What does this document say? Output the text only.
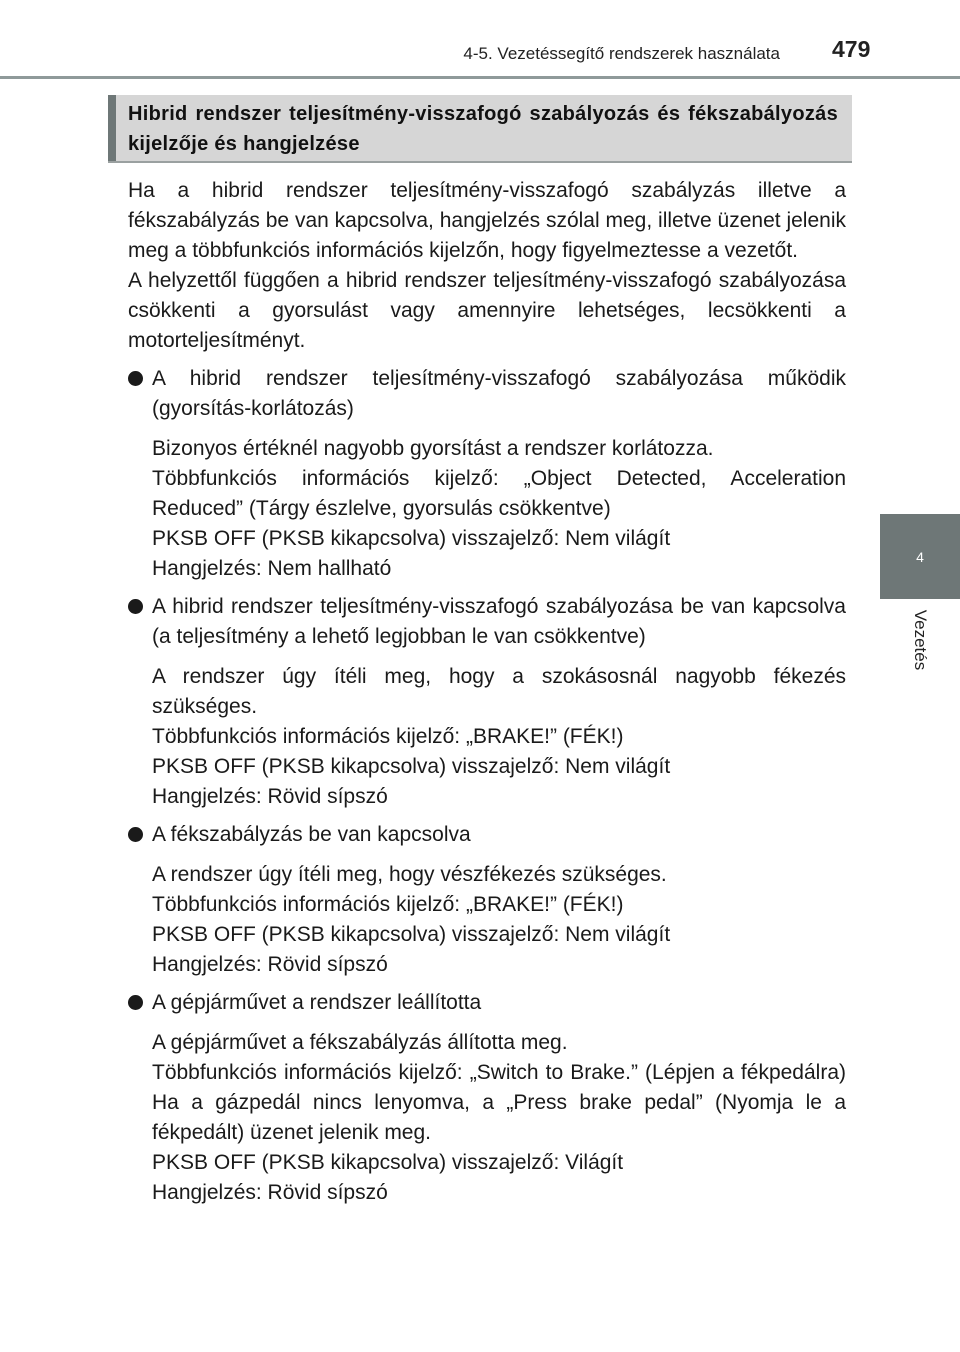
4-5. Vezetéssegítő rendszerek használata 479
4
Vezetés
Hibrid rendszer teljesítmény-visszafogó szabályozás és fékszabályozás kijelzője és hangjelzése

Ha a hibrid rendszer teljesítmény-visszafogó szabályzás illetve a fékszabályzás be van kapcsolva, hangjelzés szólal meg, illetve üzenet jelenik meg a többfunkciós információs kijelzőn, hogy figyelmeztesse a vezetőt.

A helyzettől függően a hibrid rendszer teljesítmény-visszafogó szabályozása csökkenti a gyorsulást vagy amennyire lehetséges, lecsökkenti a motorteljesítményt.

A hibrid rendszer teljesítmény-visszafogó szabályozása működik (gyorsítás-korlátozás)
Bizonyos értéknél nagyobb gyorsítást a rendszer korlátozza.
Többfunkciós információs kijelző: „Object Detected, Acceleration Reduced” (Tárgy észlelve, gyorsulás csökkentve)
PKSB OFF (PKSB kikapcsolva) visszajelző: Nem világít
Hangjelzés: Nem hallható
A hibrid rendszer teljesítmény-visszafogó szabályozása be van kapcsolva (a teljesítmény a lehető legjobban le van csökkentve)
A rendszer úgy ítéli meg, hogy a szokásosnál nagyobb fékezés szükséges.
Többfunkciós információs kijelző: „BRAKE!” (FÉK!)
PKSB OFF (PKSB kikapcsolva) visszajelző: Nem világít
Hangjelzés: Rövid sípszó
A fékszabályzás be van kapcsolva
A rendszer úgy ítéli meg, hogy vészfékezés szükséges.
Többfunkciós információs kijelző: „BRAKE!” (FÉK!)
PKSB OFF (PKSB kikapcsolva) visszajelző: Nem világít
Hangjelzés: Rövid sípszó
A gépjárművet a rendszer leállította
A gépjárművet a fékszabályzás állította meg.
Többfunkciós információs kijelző: „Switch to Brake.” (Lépjen a fékpedálra) Ha a gázpedál nincs lenyomva, a „Press brake pedal” (Nyomja le a fékpedált) üzenet jelenik meg.
PKSB OFF (PKSB kikapcsolva) visszajelző: Világít
Hangjelzés: Rövid sípszó
